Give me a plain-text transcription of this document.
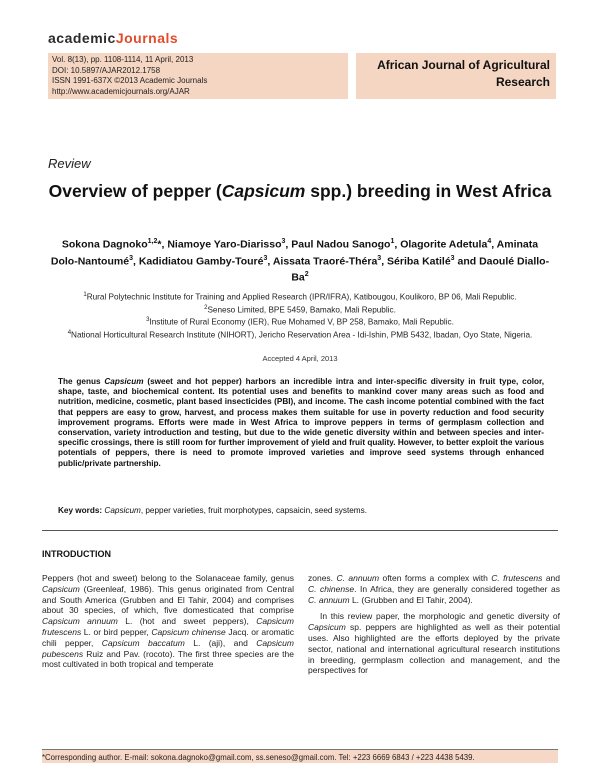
academicJournals
Vol. 8(13), pp. 1108-1114, 11 April, 2013
DOI: 10.5897/AJAR2012.1758
ISSN 1991-637X ©2013 Academic Journals
http://www.academicjournals.org/AJAR
African Journal of Agricultural
Research
Review
Overview of pepper (Capsicum spp.) breeding in West Africa
Sokona Dagnoko$^{1,2}$*, Niamoye Yaro-Diarisso$^3$, Paul Nadou Sanogo$^1$, Olagorite Adetula$^4$, Aminata Dolo-Nantoumé$^3$, Kadidiatou Gamby-Touré$^3$, Aissata Traoré-Théra$^3$, Sériba Katilé$^3$ and Daoulé Diallo-Ba$^2$
$^1$Rural Polytechnic Institute for Training and Applied Research (IPR/IFRA), Katibougou, Koulikoro, BP 06, Mali Republic.
$^2$Seneso Limited, BPE 5459, Bamako, Mali Republic.
$^3$Institute of Rural Economy (IER), Rue Mohamed V, BP 258, Bamako, Mali Republic.
$^4$National Horticultural Research Institute (NIHORT), Jericho Reservation Area - Idi-Ishin, PMB 5432, Ibadan, Oyo State, Nigeria.
Accepted 4 April, 2013
The genus Capsicum (sweet and hot pepper) harbors an incredible intra and inter-specific diversity in fruit type, color, shape, taste, and biochemical content. Its potential uses and benefits to mankind cover many areas such as food and nutrition, medicine, cosmetic, plant based insecticides (PBI), and income. The cash income potential combined with the fact that peppers are easy to grow, harvest, and process makes them suitable for use in poverty reduction and food security improvement programs. Efforts were made in West Africa to improve peppers in terms of germplasm collection and conservation, variety introduction and testing, but due to the wide genetic diversity within and between species and inter-specific crossings, there is still room for further improvement of yield and fruit quality. However, to better exploit the various potentials of peppers, there is need to promote improved varieties and improve seed systems through enhanced public/private partnership.
Key words: Capsicum, pepper varieties, fruit morphotypes, capsaicin, seed systems.
INTRODUCTION

Peppers (hot and sweet) belong to the Solanaceae family, genus Capsicum (Greenleaf, 1986). This genus originated from Central and South America (Grubben and El Tahir, 2004) and comprises about 30 species, of which, five domesticated that comprise Capsicum annuum L. (hot and sweet peppers), Capsicum frutescens L. or bird pepper, Capsicum chinense Jacq. or aromatic chili pepper, Capsicum baccatum L. (aji), and Capsicum pubescens Ruiz and Pav. (rocoto). The first three species are the most cultivated in both tropical and temperate

zones. C. annuum often forms a complex with C. frutescens and C. chinense. In Africa, they are generally considered together as C. annuum L. (Grubben and El Tahir, 2004).

In this review paper, the morphologic and genetic diversity of Capsicum sp. peppers are highlighted as well as their potential uses. Also highlighted are the efforts deployed by the private sector, national and international agricultural research institutions in breeding, germplasm collection and management, and the perspectives for

*Corresponding author. E-mail: sokona.dagnoko@gmail.com, ss.seneso@gmail.com. Tel: +223 6669 6843 / +223 4438 5439.
